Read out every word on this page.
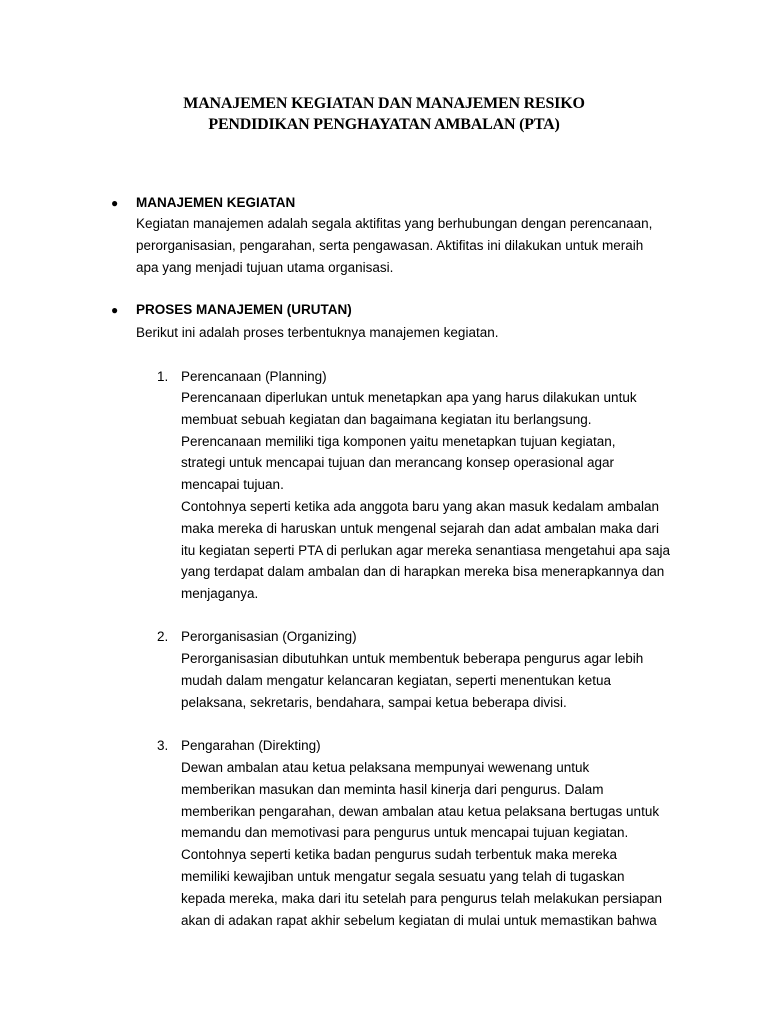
MANAJEMEN KEGIATAN DAN MANAJEMEN RESIKO
PENDIDIKAN PENGHAYATAN AMBALAN (PTA)
● MANAJEMEN KEGIATAN
Kegiatan manajemen adalah segala aktifitas yang berhubungan dengan perencanaan,
perorganisasian, pengarahan, serta pengawasan. Aktifitas ini dilakukan untuk meraih
apa yang menjadi tujuan utama organisasi.
● PROSES MANAJEMEN (URUTAN)
Berikut ini adalah proses terbentuknya manajemen kegiatan.
1. Perencanaan (Planning)
Perencanaan diperlukan untuk menetapkan apa yang harus dilakukan untuk
membuat sebuah kegiatan dan bagaimana kegiatan itu berlangsung.
Perencanaan memiliki tiga komponen yaitu menetapkan tujuan kegiatan,
strategi untuk mencapai tujuan dan merancang konsep operasional agar
mencapai tujuan.
Contohnya seperti ketika ada anggota baru yang akan masuk kedalam ambalan
maka mereka di haruskan untuk mengenal sejarah dan adat ambalan maka dari
itu kegiatan seperti PTA di perlukan agar mereka senantiasa mengetahui apa saja
yang terdapat dalam ambalan dan di harapkan mereka bisa menerapkannya dan
menjaganya.
2. Perorganisasian (Organizing)
Perorganisasian dibutuhkan untuk membentuk beberapa pengurus agar lebih
mudah dalam mengatur kelancaran kegiatan, seperti menentukan ketua
pelaksana, sekretaris, bendahara, sampai ketua beberapa divisi.
3. Pengarahan (Direkting)
Dewan ambalan atau ketua pelaksana mempunyai wewenang untuk
memberikan masukan dan meminta hasil kinerja dari pengurus. Dalam
memberikan pengarahan, dewan ambalan atau ketua pelaksana bertugas untuk
memandu dan memotivasi para pengurus untuk mencapai tujuan kegiatan.
Contohnya seperti ketika badan pengurus sudah terbentuk maka mereka
memiliki kewajiban untuk mengatur segala sesuatu yang telah di tugaskan
kepada mereka, maka dari itu setelah para pengurus telah melakukan persiapan
akan di adakan rapat akhir sebelum kegiatan di mulai untuk memastikan bahwa
